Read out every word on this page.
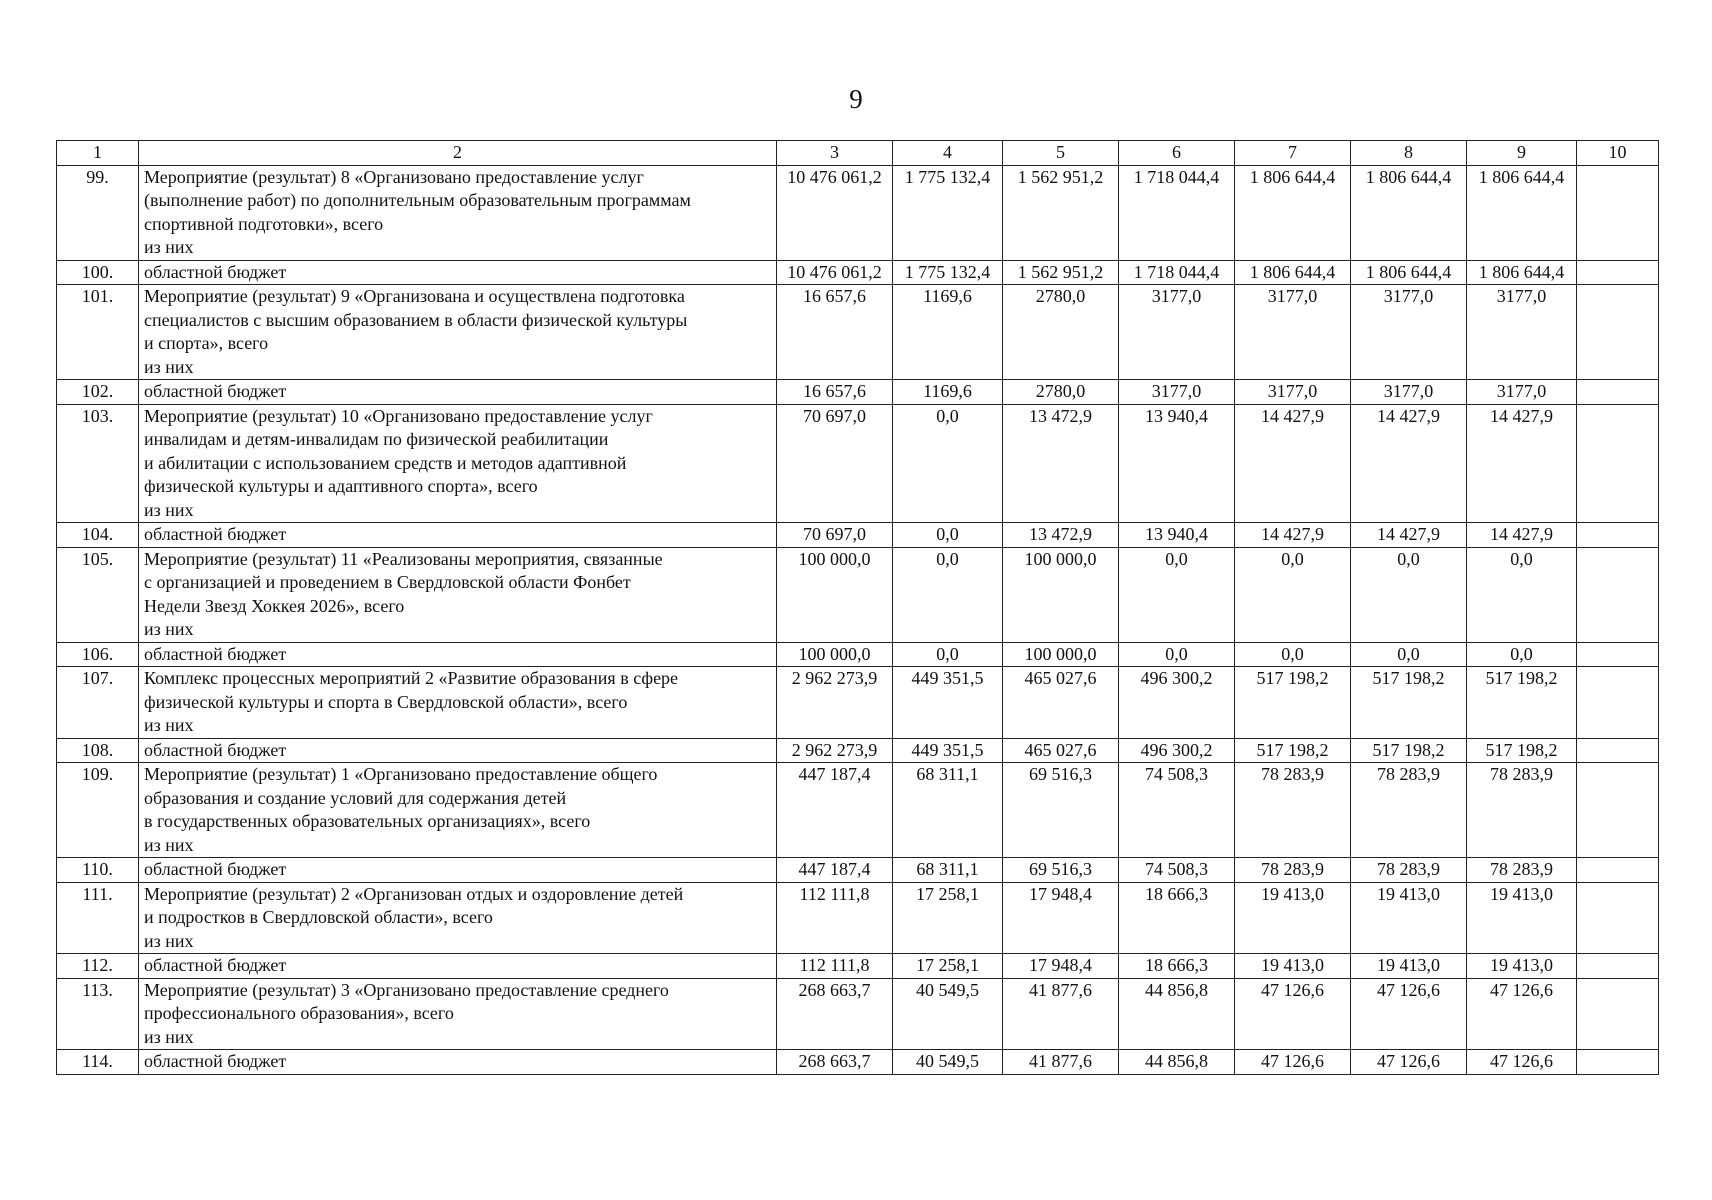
9
1	2	3	4	5	6	7	8	9	10
99.	Мероприятие (результат) 8 «Организовано предоставление услуг
(выполнение работ) по дополнительным образовательным программам
спортивной подготовки», всего
из них	10 476 061,2	1 775 132,4	1 562 951,2	1 718 044,4	1 806 644,4	1 806 644,4	1 806 644,4	
100.	областной бюджет	10 476 061,2	1 775 132,4	1 562 951,2	1 718 044,4	1 806 644,4	1 806 644,4	1 806 644,4	
101.	Мероприятие (результат) 9 «Организована и осуществлена подготовка
специалистов с высшим образованием в области физической культуры
и спорта», всего
из них	16 657,6	1169,6	2780,0	3177,0	3177,0	3177,0	3177,0	
102.	областной бюджет	16 657,6	1169,6	2780,0	3177,0	3177,0	3177,0	3177,0	
103.	Мероприятие (результат) 10 «Организовано предоставление услуг
инвалидам и детям-инвалидам по физической реабилитации
и абилитации с использованием средств и методов адаптивной
физической культуры и адаптивного спорта», всего
из них	70 697,0	0,0	13 472,9	13 940,4	14 427,9	14 427,9	14 427,9	
104.	областной бюджет	70 697,0	0,0	13 472,9	13 940,4	14 427,9	14 427,9	14 427,9	
105.	Мероприятие (результат) 11 «Реализованы мероприятия, связанные
с организацией и проведением в Свердловской области Фонбет
Недели Звезд Хоккея 2026», всего
из них	100 000,0	0,0	100 000,0	0,0	0,0	0,0	0,0	
106.	областной бюджет	100 000,0	0,0	100 000,0	0,0	0,0	0,0	0,0	
107.	Комплекс процессных мероприятий 2 «Развитие образования в сфере
физической культуры и спорта в Свердловской области», всего
из них	2 962 273,9	449 351,5	465 027,6	496 300,2	517 198,2	517 198,2	517 198,2	
108.	областной бюджет	2 962 273,9	449 351,5	465 027,6	496 300,2	517 198,2	517 198,2	517 198,2	
109.	Мероприятие (результат) 1 «Организовано предоставление общего
образования и создание условий для содержания детей
в государственных образовательных организациях», всего
из них	447 187,4	68 311,1	69 516,3	74 508,3	78 283,9	78 283,9	78 283,9	
110.	областной бюджет	447 187,4	68 311,1	69 516,3	74 508,3	78 283,9	78 283,9	78 283,9	
111.	Мероприятие (результат) 2 «Организован отдых и оздоровление детей
и подростков в Свердловской области», всего
из них	112 111,8	17 258,1	17 948,4	18 666,3	19 413,0	19 413,0	19 413,0	
112.	областной бюджет	112 111,8	17 258,1	17 948,4	18 666,3	19 413,0	19 413,0	19 413,0	
113.	Мероприятие (результат) 3 «Организовано предоставление среднего
профессионального образования», всего
из них	268 663,7	40 549,5	41 877,6	44 856,8	47 126,6	47 126,6	47 126,6	
114.	областной бюджет	268 663,7	40 549,5	41 877,6	44 856,8	47 126,6	47 126,6	47 126,6	
